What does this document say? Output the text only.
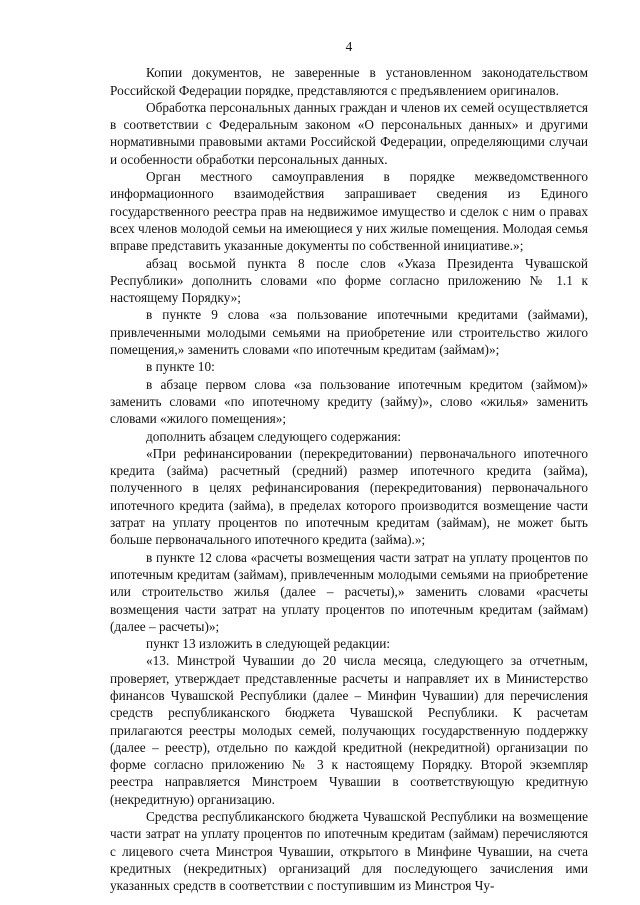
4

Копии документов, не заверенные в установленном законодательством Российской Федерации порядке, представляются с предъявлением оригиналов.

Обработка персональных данных граждан и членов их семей осуществляется в соответствии с Федеральным законом «О персональных данных» и другими нормативными правовыми актами Российской Федерации, определяющими случаи и особенности обработки персональных данных.

Орган местного самоуправления в порядке межведомственного информационного взаимодействия запрашивает сведения из Единого государственного реестра прав на недвижимое имущество и сделок с ним о правах всех членов молодой семьи на имеющиеся у них жилые помещения. Молодая семья вправе представить указанные документы по собственной инициативе.»;

абзац восьмой пункта 8 после слов «Указа Президента Чувашской Республики» дополнить словами «по форме согласно приложению № 1.1 к настоящему Порядку»;

в пункте 9 слова «за пользование ипотечными кредитами (займами), привлеченными молодыми семьями на приобретение или строительство жилого помещения,» заменить словами «по ипотечным кредитам (займам)»;

в пункте 10:

в абзаце первом слова «за пользование ипотечным кредитом (займом)» заменить словами «по ипотечному кредиту (займу)», слово «жилья» заменить словами «жилого помещения»;

дополнить абзацем следующего содержания:

«При рефинансировании (перекредитовании) первоначального ипотечного кредита (займа) расчетный (средний) размер ипотечного кредита (займа), полученного в целях рефинансирования (перекредитования) первоначального ипотечного кредита (займа), в пределах которого производится возмещение части затрат на уплату процентов по ипотечным кредитам (займам), не может быть больше первоначального ипотечного кредита (займа).»;

в пункте 12 слова «расчеты возмещения части затрат на уплату процентов по ипотечным кредитам (займам), привлеченным молодыми семьями на приобретение или строительство жилья (далее – расчеты),» заменить словами «расчеты возмещения части затрат на уплату процентов по ипотечным кредитам (займам) (далее – расчеты)»;

пункт 13 изложить в следующей редакции:

«13. Минстрой Чувашии до 20 числа месяца, следующего за отчетным, проверяет, утверждает представленные расчеты и направляет их в Министерство финансов Чувашской Республики (далее – Минфин Чувашии) для перечисления средств республиканского бюджета Чувашской Республики. К расчетам прилагаются реестры молодых семей, получающих государственную поддержку (далее – реестр), отдельно по каждой кредитной (некредитной) организации по форме согласно приложению № 3 к настоящему Порядку. Второй экземпляр реестра направляется Минстроем Чувашии в соответствующую кредитную (некредитную) организацию.

Средства республиканского бюджета Чувашской Республики на возмещение части затрат на уплату процентов по ипотечным кредитам (займам) перечисляются с лицевого счета Минстроя Чувашии, открытого в Минфине Чувашии, на счета кредитных (некредитных) организаций для последующего зачисления ими указанных средств в соответствии с поступившим из Минстроя Чу-
